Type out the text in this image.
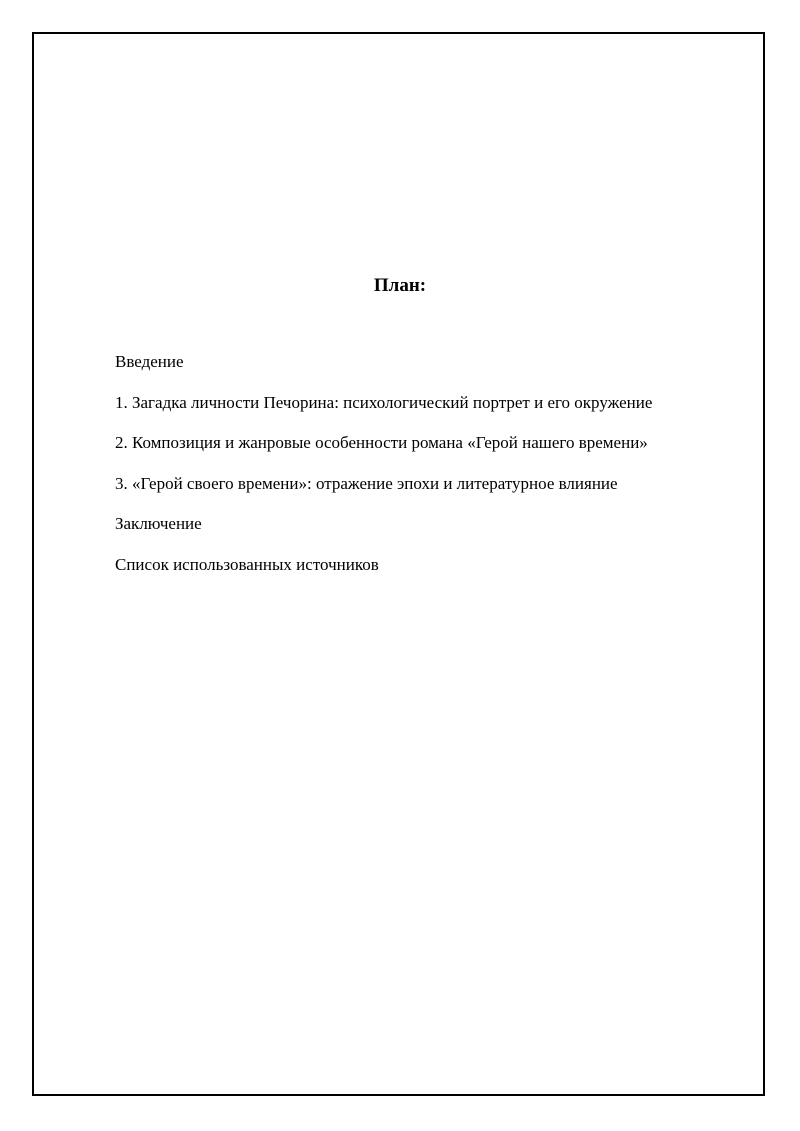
План:
Введение
1. Загадка личности Печорина: психологический портрет и его окружение
2. Композиция и жанровые особенности романа «Герой нашего времени»
3. «Герой своего времени»: отражение эпохи и литературное влияние
Заключение
Список использованных источников
